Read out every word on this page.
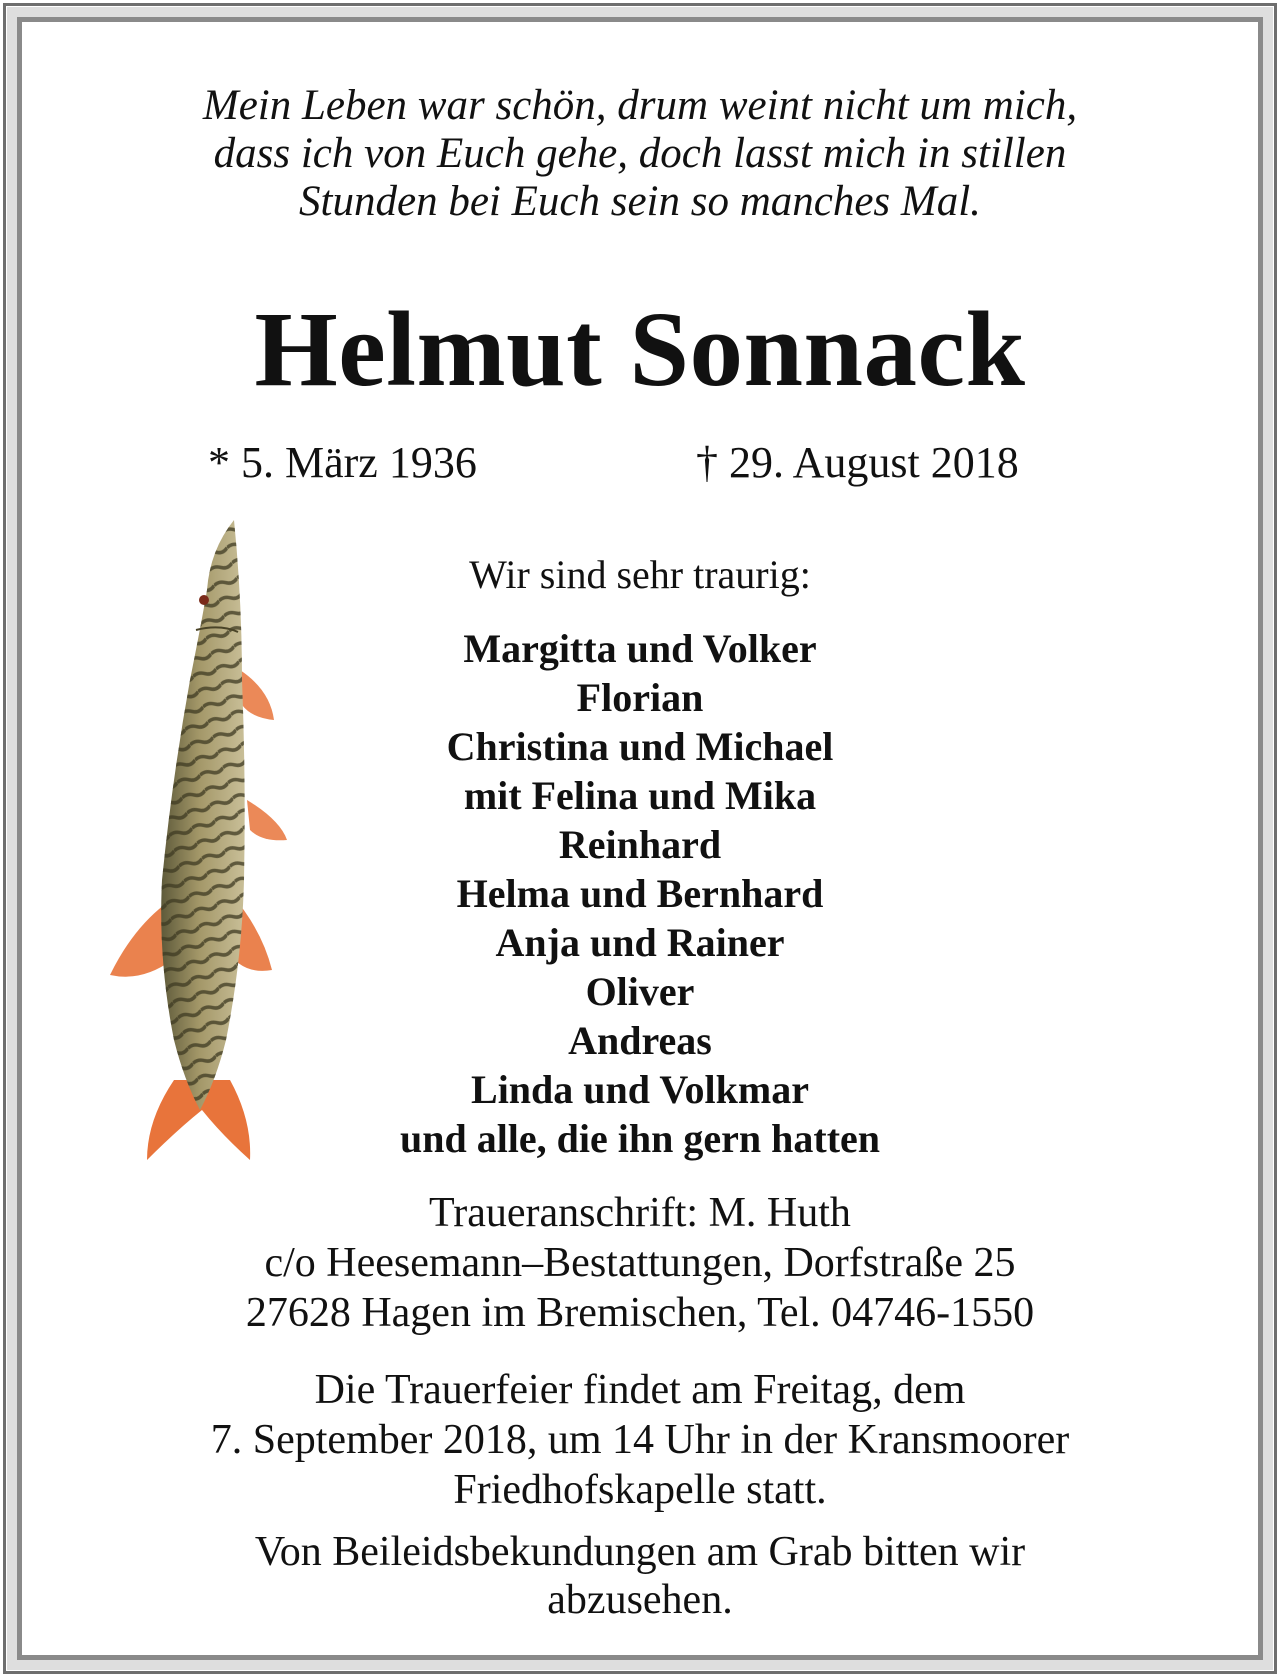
Mein Leben war schön, drum weint nicht um mich,
dass ich von Euch gehe, doch lasst mich in stillen
Stunden bei Euch sein so manches Mal.
Helmut Sonnack
* 5. März 1936	† 29. August 2018
Wir sind sehr traurig:
Margitta und Volker
Florian
Christina und Michael
mit Felina und Mika
Reinhard
Helma und Bernhard
Anja und Rainer
Oliver
Andreas
Linda und Volkmar
und alle, die ihn gern hatten
Traueranschrift: M. Huth
c/o Heesemann–Bestattungen, Dorfstraße 25
27628 Hagen im Bremischen, Tel. 04746-1550
Die Trauerfeier findet am Freitag, dem
7. September 2018, um 14 Uhr in der Kransmoorer
Friedhofskapelle statt.
Von Beileidsbekundungen am Grab bitten wir
abzusehen.
